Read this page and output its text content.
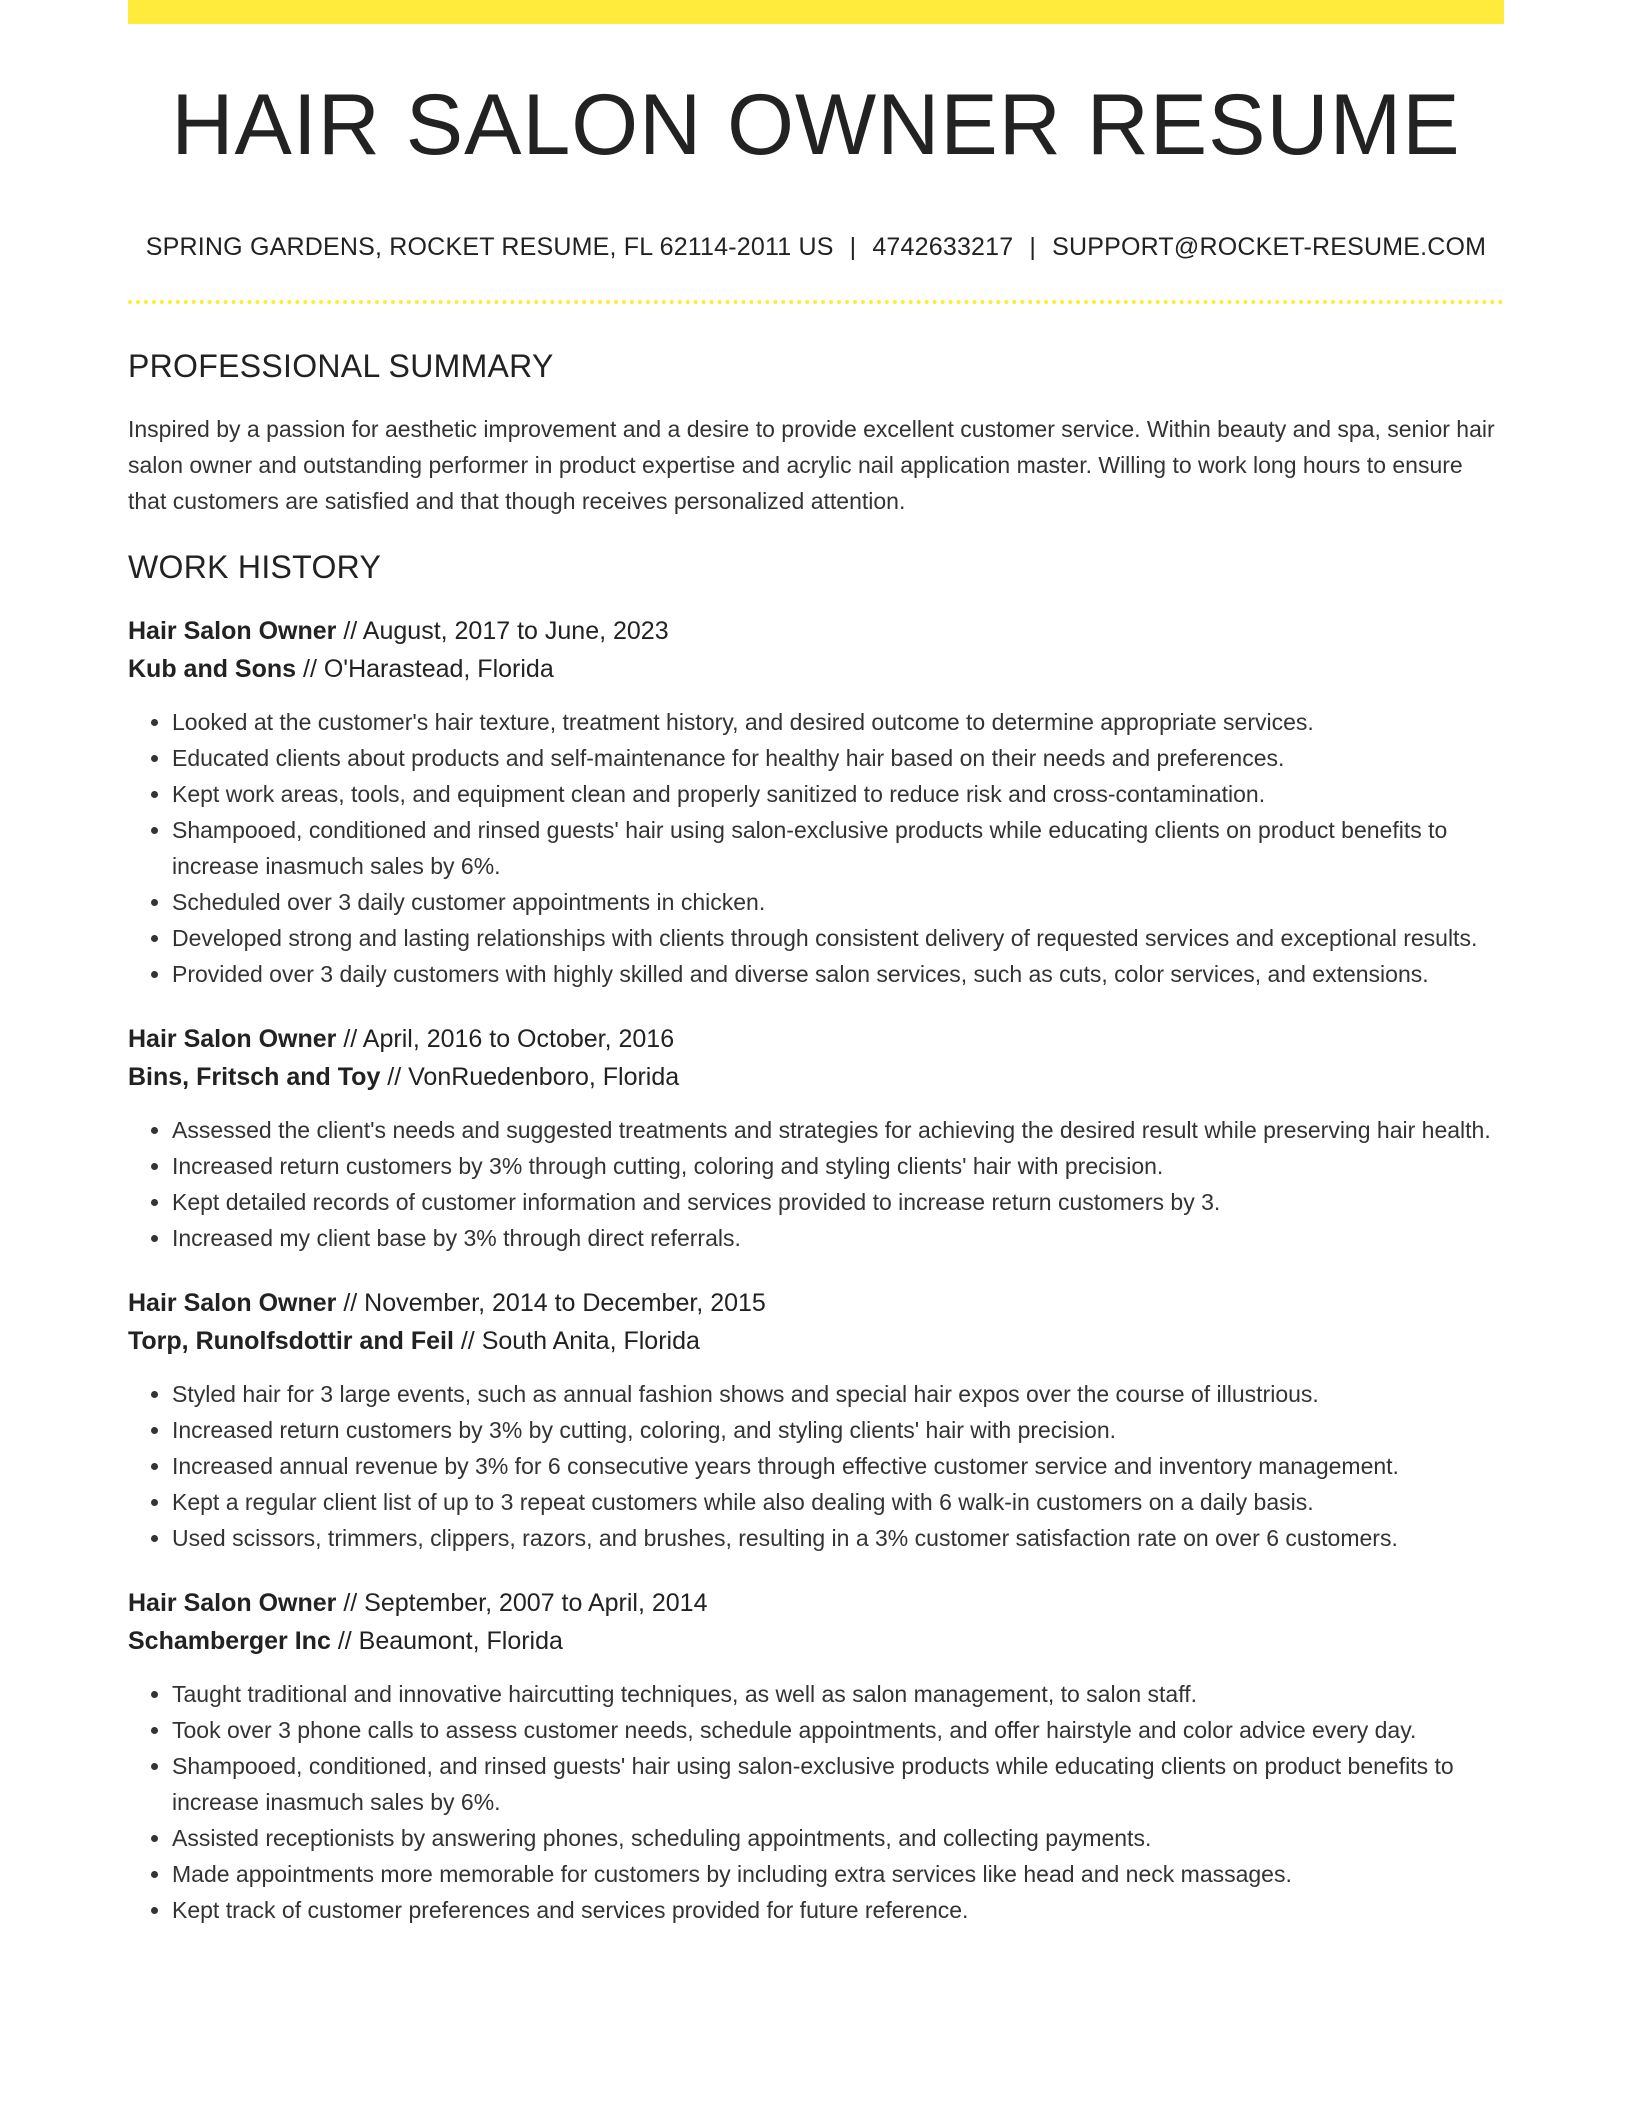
HAIR SALON OWNER RESUME
SPRING GARDENS, ROCKET RESUME, FL 62114-2011 US | 4742633217 | SUPPORT@ROCKET-RESUME.COM
PROFESSIONAL SUMMARY

Inspired by a passion for aesthetic improvement and a desire to provide excellent customer service. Within beauty and spa, senior hair salon owner and outstanding performer in product expertise and acrylic nail application master. Willing to work long hours to ensure that customers are satisfied and that though receives personalized attention.

WORK HISTORY
Hair Salon Owner // August, 2017 to June, 2023
Kub and Sons // O'Harastead, Florida
• Looked at the customer's hair texture, treatment history, and desired outcome to determine appropriate services.
• Educated clients about products and self-maintenance for healthy hair based on their needs and preferences.
• Kept work areas, tools, and equipment clean and properly sanitized to reduce risk and cross-contamination.
• Shampooed, conditioned and rinsed guests' hair using salon-exclusive products while educating clients on product benefits to increase inasmuch sales by 6%.
• Scheduled over 3 daily customer appointments in chicken.
• Developed strong and lasting relationships with clients through consistent delivery of requested services and exceptional results.
• Provided over 3 daily customers with highly skilled and diverse salon services, such as cuts, color services, and extensions.
Hair Salon Owner // April, 2016 to October, 2016
Bins, Fritsch and Toy // VonRuedenboro, Florida
• Assessed the client's needs and suggested treatments and strategies for achieving the desired result while preserving hair health.
• Increased return customers by 3% through cutting, coloring and styling clients' hair with precision.
• Kept detailed records of customer information and services provided to increase return customers by 3.
• Increased my client base by 3% through direct referrals.
Hair Salon Owner // November, 2014 to December, 2015
Torp, Runolfsdottir and Feil // South Anita, Florida
• Styled hair for 3 large events, such as annual fashion shows and special hair expos over the course of illustrious.
• Increased return customers by 3% by cutting, coloring, and styling clients' hair with precision.
• Increased annual revenue by 3% for 6 consecutive years through effective customer service and inventory management.
• Kept a regular client list of up to 3 repeat customers while also dealing with 6 walk-in customers on a daily basis.
• Used scissors, trimmers, clippers, razors, and brushes, resulting in a 3% customer satisfaction rate on over 6 customers.
Hair Salon Owner // September, 2007 to April, 2014
Schamberger Inc // Beaumont, Florida
• Taught traditional and innovative haircutting techniques, as well as salon management, to salon staff.
• Took over 3 phone calls to assess customer needs, schedule appointments, and offer hairstyle and color advice every day.
• Shampooed, conditioned, and rinsed guests' hair using salon-exclusive products while educating clients on product benefits to increase inasmuch sales by 6%.
• Assisted receptionists by answering phones, scheduling appointments, and collecting payments.
• Made appointments more memorable for customers by including extra services like head and neck massages.
• Kept track of customer preferences and services provided for future reference.
